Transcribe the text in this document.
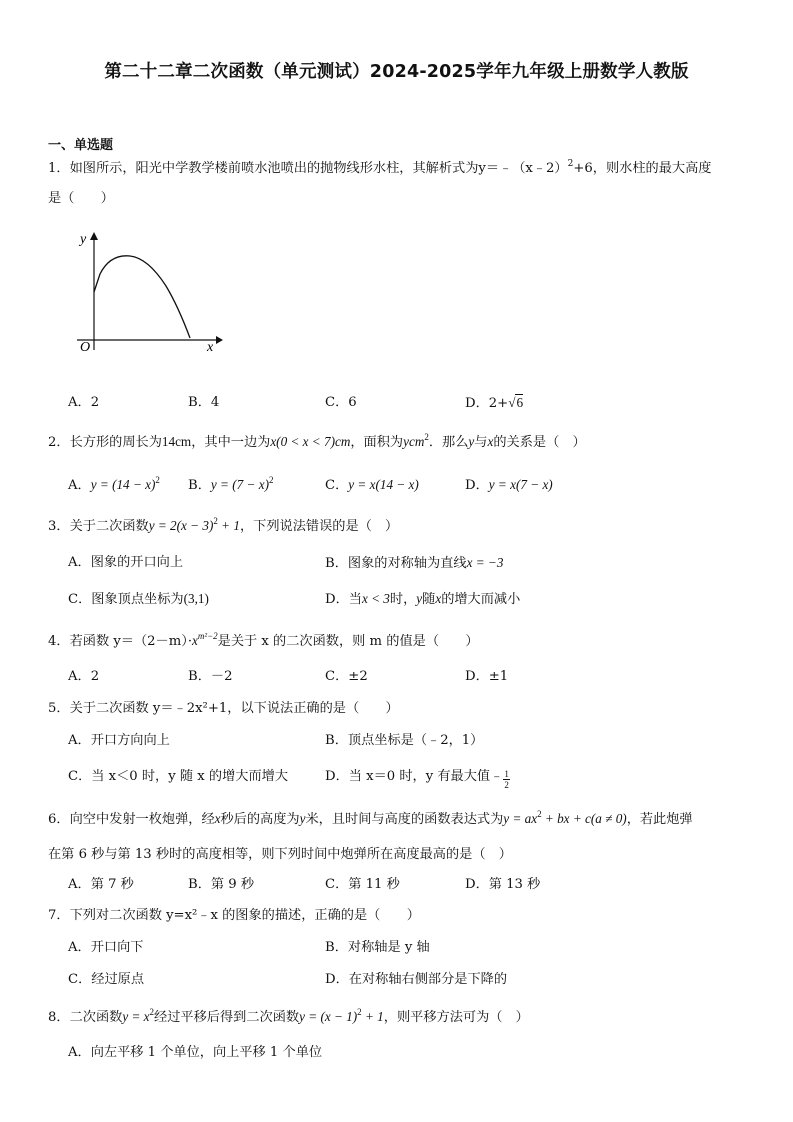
第二十二章二次函数（单元测试）2024-2025学年九年级上册数学人教版
一、单选题
1．如图所示，阳光中学教学楼前喷水池喷出的抛物线形水柱，其解析式为y＝﹣（x﹣2）$^2$+6，则水柱的最大高度
是（　　）
y
O	x
A．2	B．4	C．6	D．2+√6
2．长方形的周长为14cm，其中一边为x(0 < x < 7)cm，面积为ycm$^2$．那么y与x的关系是（　）
A．$y = (14 - x)^2$ B．$y = (7 - x)^2$	C．y = x(14 − x)	D．y = x(7 − x)
3．关于二次函数$y = 2(x - 3)^2 + 1$，下列说法错误的是（　）
A．图象的开口向上	B．图象的对称轴为直线x = −3
C．图象顶点坐标为(3,1)	D．当x < 3时，y随x的增大而减小
4．若函数 $y=(2-m)\cdot x^{m^2-2}$是关于 x 的二次函数，则 m 的值是（　　）
A．2	B．－2	C．±2	D．±1
5．关于二次函数 y＝﹣2x²+1，以下说法正确的是（　　）
A．开口方向向上	B．顶点坐标是（﹣2，1）
C．当 x＜0 时，y 随 x 的增大而增大	D．当 x＝0 时，y 有最大值﹣ $\frac{1}{2}$
6．向空中发射一枚炮弹，经x秒后的高度为y米，且时间与高度的函数表达式为$y = ax^2$ + bx + c(a ≠ 0)，若此炮弹
在第 6 秒与第 13 秒时的高度相等，则下列时间中炮弹所在高度最高的是（　）
A．第 7 秒	B．第 9 秒	C．第 11 秒	D．第 13 秒
7．下列对二次函数 y=x²﹣x 的图象的描述，正确的是（　　）
A．开口向下	B．对称轴是 y 轴
C．经过原点	D．在对称轴右侧部分是下降的
8．二次函数$y = x^2$经过平移后得到二次函数$y = (x - 1)^2 + 1$，则平移方法可为（　）
A．向左平移 1 个单位，向上平移 1 个单位
